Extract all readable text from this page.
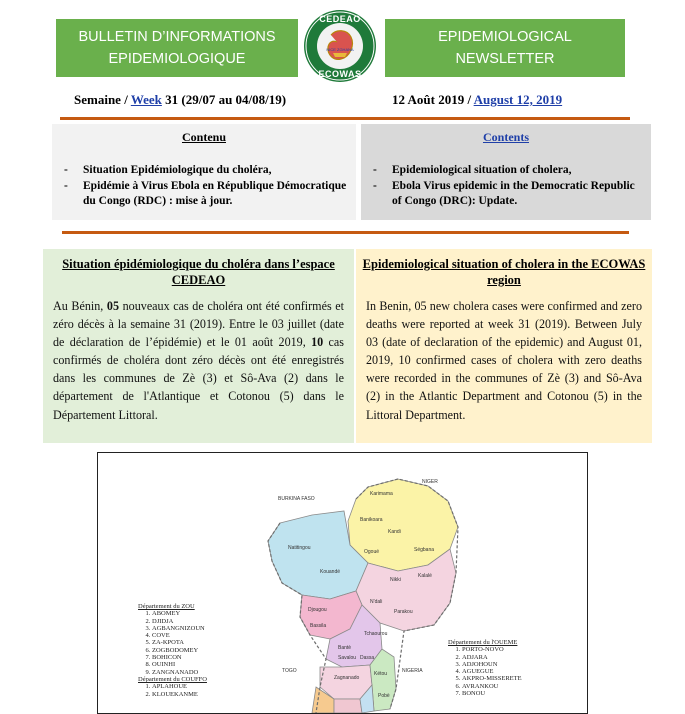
BULLETIN D’INFORMATIONS
EPIDEMIOLOGIQUE
EPIDEMIOLOGICAL
NEWSLETTER
NICE ZGHANA
CEDEAO
ECOWAS
Semaine / Week 31 (29/07 au 04/08/19)	12 Août 2019 / August 12, 2019
Contenu
- Situation Epidémiologique du choléra,
- Epidémie à Virus Ebola en République Démocratique du Congo (RDC) : mise à jour.
Contents
- Epidemiological situation of cholera,
- Ebola Virus epidemic in the Democratic Republic of Congo (DRC): Update.
Situation épidémiologique du choléra dans l’espace CEDEAO

Au Bénin, 05 nouveaux cas de choléra ont été confirmés et zéro décès à la semaine 31 (2019). Entre le 03 juillet (date de déclaration de l’épidémie) et le 01 août 2019, 10 cas confirmés de choléra dont zéro décès ont été enregistrés dans les communes de Zè (3) et Sô-Ava (2) dans le département de l'Atlantique et Cotonou (5) dans le Département Littoral.

Epidemiological situation of cholera in the ECOWAS region

In Benin, 05 new cholera cases were confirmed and zero deaths were reported at week 31 (2019). Between July 03 (date of declaration of the epidemic) and August 01, 2019, 10 confirmed cases of cholera with zero deaths were recorded in the communes of Zè (3) and Sô-Ava (2) in the Atlantic Department and Cotonou (5) in the Littoral Department.

BURKINA FASO
NIGER
TOGO	NIGERIA
Karimama
Banikoara
Kandi
Ségbana
Ogoué
Natitingou
Kouandé
Kalalé
Nikki
N'dali
Parakou
Djougou
Bassila
Tchaourou
Bantè
Savalou Dassa
Kétou
Pobè
Zagnanado
Département du ZOU
1. ABOMEY
2. DJIDJA
3. AGBANGNIZOUN
4. COVE
5. ZA-KPOTA
6. ZOGBODOMEY
7. BOHICON
8. OUINHI
9. ZANGNANADO
Département du COUFFO
1. APLAHOUE
2. KLOUEKANME
Département du l'OUEME
1. PORTO-NOVO
2. ADJARA
3. ADJOHOUN
4. AGUEGUE
5. AKPRO-MISSERETE
6. AVRANKOU
7. BONOU
